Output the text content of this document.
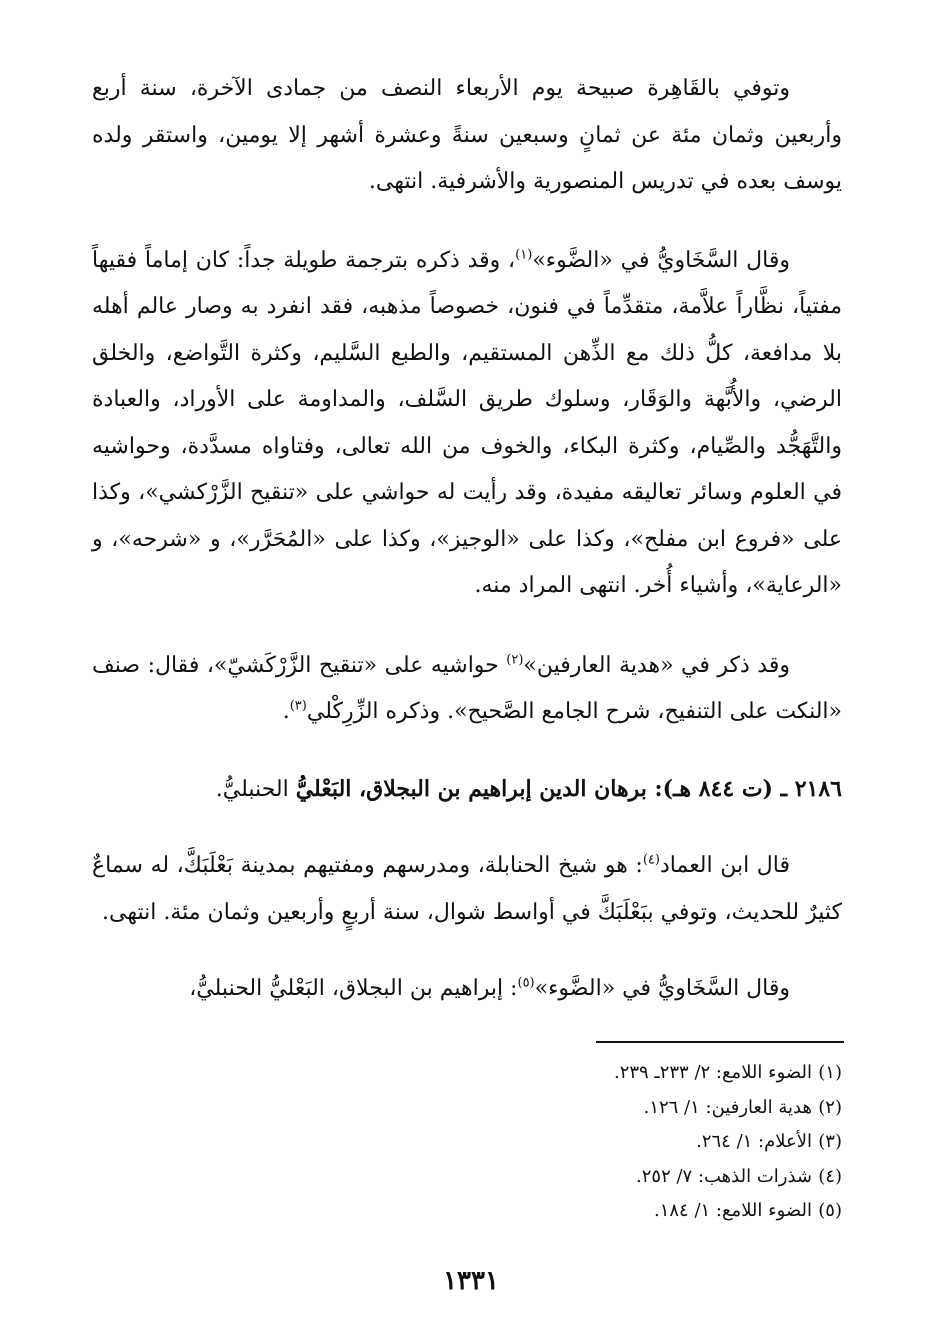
وتوفي بالقَاهِرة صبيحة يوم الأربعاء النصف من جمادى الآخرة، سنة أربع وأربعين وثمان مئة عن ثمانٍ وسبعين سنةً وعشرة أشهر إلا يومين، واستقر ولده يوسف بعده في تدريس المنصورية والأشرفية. انتهى.

وقال السَّخَاويُّ في «الضَّوء»$^{(١)}$، وقد ذكره بترجمة طويلة جداً: كان إماماً فقيهاً مفتياً، نظَّاراً علاَّمة، متقدِّماً في فنون، خصوصاً مذهبه، فقد انفرد به وصار عالم أهله بلا مدافعة، كلُّ ذلك مع الذِّهن المستقيم، والطبع السَّليم، وكثرة التَّواضع، والخلق الرضي، والأُبَّهة والوَقَار، وسلوك طريق السَّلف، والمداومة على الأوراد، والعبادة والتَّهَجُّد والصِّيام، وكثرة البكاء، والخوف من الله تعالى، وفتاواه مسدَّدة، وحواشيه في العلوم وسائر تعاليقه مفيدة، وقد رأيت له حواشي على «تنقيح الزَّرْكشي»، وكذا على «فروع ابن مفلح»، وكذا على «الوجيز»، وكذا على «المُحَرَّر»، و «شرحه»، و «الرعاية»، وأشياء أُخر. انتهى المراد منه.

وقد ذكر في «هدية العارفين»$^{(٢)}$ حواشيه على «تنقيح الزَّرْكَشيّ»، فقال: صنف «النكت على التنفيح، شرح الجامع الصَّحيح». وذكره الزِّرِكْلي$^{(٣)}$.

٢١٨٦ ـ (ت ٨٤٤ هـ): برهان الدين إبراهيم بن البجلاق، البَعْليُّ الحنبليُّ.

قال ابن العماد$^{(٤)}$: هو شيخ الحنابلة، ومدرسهم ومفتيهم بمدينة بَعْلَبَكَّ، له سماعٌ كثيرٌ للحديث، وتوفي ببَعْلَبَكَّ في أواسط شوال، سنة أربعٍ وأربعين وثمان مئة. انتهى.

وقال السَّخَاويُّ في «الضَّوء»$^{(٥)}$: إبراهيم بن البجلاق، البَعْليُّ الحنبليُّ،

(١)الضوء اللامع: ٢/ ٢٣٣ـ ٢٣٩.
(٢)هدية العارفين: ١/ ١٢٦.
(٣)الأعلام: ١/ ٢٦٤.
(٤)شذرات الذهب: ٧/ ٢٥٢.
(٥)الضوء اللامع: ١/ ١٨٤.
١٣٣١
